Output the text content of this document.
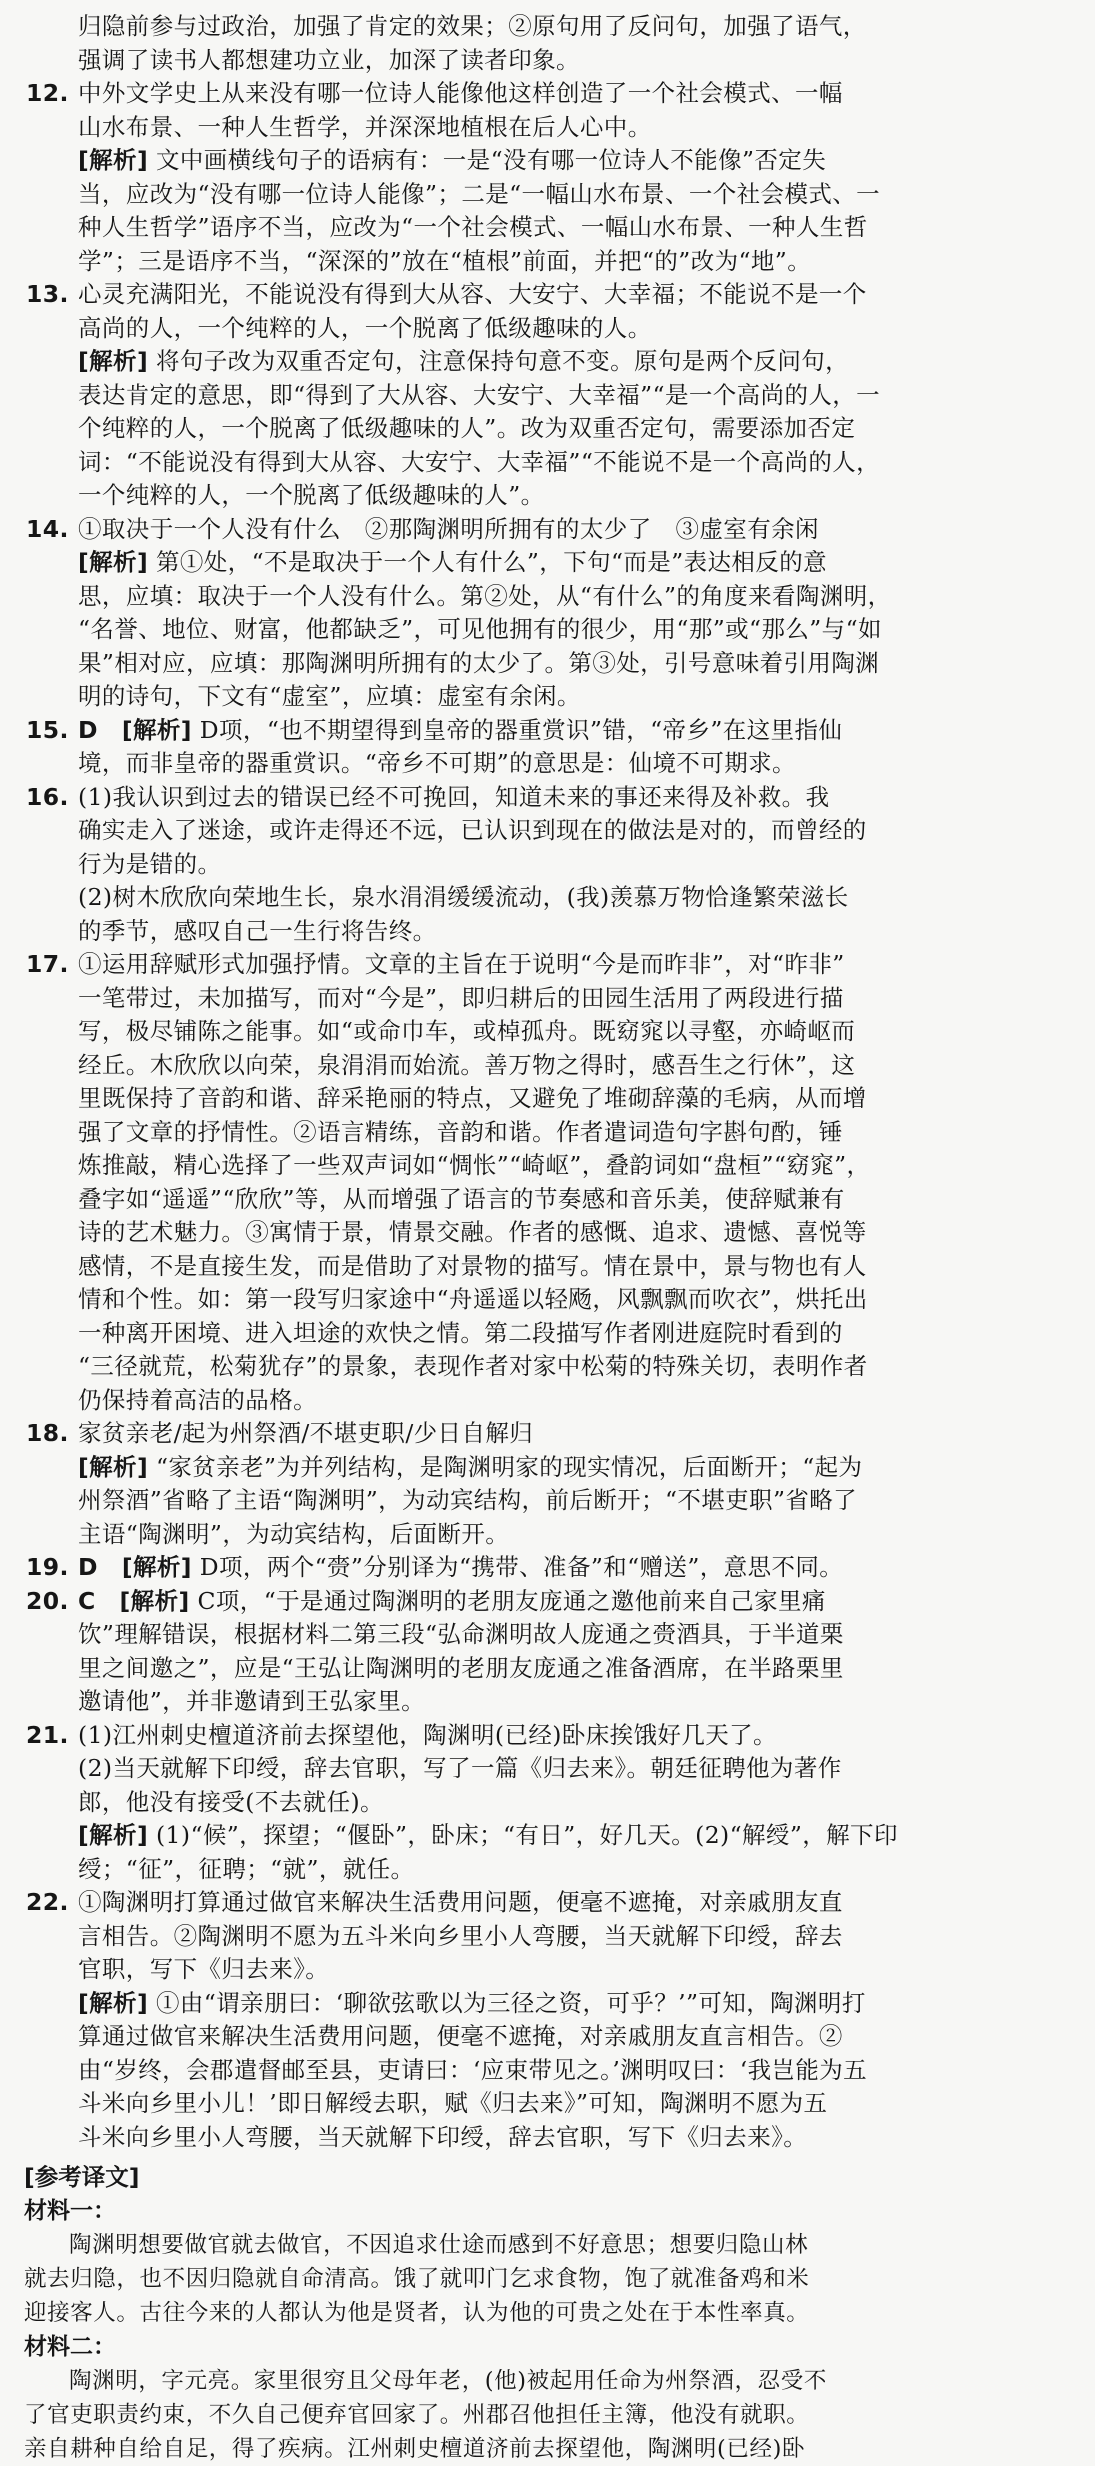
归隐前参与过政治，加强了肯定的效果；②原句用了反问句，加强了语气，
强调了读书人都想建功立业，加深了读者印象。
12. 中外文学史上从来没有哪一位诗人能像他这样创造了一个社会模式、一幅
山水布景、一种人生哲学，并深深地植根在后人心中。
[解析] 文中画横线句子的语病有：一是“没有哪一位诗人不能像”否定失
当，应改为“没有哪一位诗人能像”；二是“一幅山水布景、一个社会模式、一
种人生哲学”语序不当，应改为“一个社会模式、一幅山水布景、一种人生哲
学”；三是语序不当，“深深的”放在“植根”前面，并把“的”改为“地”。
13. 心灵充满阳光，不能说没有得到大从容、大安宁、大幸福；不能说不是一个
高尚的人，一个纯粹的人，一个脱离了低级趣味的人。
[解析] 将句子改为双重否定句，注意保持句意不变。原句是两个反问句，
表达肯定的意思，即“得到了大从容、大安宁、大幸福”“是一个高尚的人，一
个纯粹的人，一个脱离了低级趣味的人”。改为双重否定句，需要添加否定
词：“不能说没有得到大从容、大安宁、大幸福”“不能说不是一个高尚的人，
一个纯粹的人，一个脱离了低级趣味的人”。
14. ①取决于一个人没有什么　②那陶渊明所拥有的太少了　③虚室有余闲
[解析] 第①处，“不是取决于一个人有什么”，下句“而是”表达相反的意
思，应填：取决于一个人没有什么。第②处，从“有什么”的角度来看陶渊明，
“名誉、地位、财富，他都缺乏”，可见他拥有的很少，用“那”或“那么”与“如
果”相对应，应填：那陶渊明所拥有的太少了。第③处，引号意味着引用陶渊
明的诗句，下文有“虚室”，应填：虚室有余闲。
15. D　[解析] D项，“也不期望得到皇帝的器重赏识”错，“帝乡”在这里指仙
境，而非皇帝的器重赏识。“帝乡不可期”的意思是：仙境不可期求。
16. (1)我认识到过去的错误已经不可挽回，知道未来的事还来得及补救。我
确实走入了迷途，或许走得还不远，已认识到现在的做法是对的，而曾经的
行为是错的。
(2)树木欣欣向荣地生长，泉水涓涓缓缓流动，(我)羡慕万物恰逢繁荣滋长
的季节，感叹自己一生行将告终。
17. ①运用辞赋形式加强抒情。文章的主旨在于说明“今是而昨非”，对“昨非”
一笔带过，未加描写，而对“今是”，即归耕后的田园生活用了两段进行描
写，极尽铺陈之能事。如“或命巾车，或棹孤舟。既窈窕以寻壑，亦崎岖而
经丘。木欣欣以向荣，泉涓涓而始流。善万物之得时，感吾生之行休”，这
里既保持了音韵和谐、辞采艳丽的特点，又避免了堆砌辞藻的毛病，从而增
强了文章的抒情性。②语言精练，音韵和谐。作者遣词造句字斟句酌，锤
炼推敲，精心选择了一些双声词如“惆怅”“崎岖”，叠韵词如“盘桓”“窈窕”，
叠字如“遥遥”“欣欣”等，从而增强了语言的节奏感和音乐美，使辞赋兼有
诗的艺术魅力。③寓情于景，情景交融。作者的感慨、追求、遗憾、喜悦等
感情，不是直接生发，而是借助了对景物的描写。情在景中，景与物也有人
情和个性。如：第一段写归家途中“舟遥遥以轻飏，风飘飘而吹衣”，烘托出
一种离开困境、进入坦途的欢快之情。第二段描写作者刚进庭院时看到的
“三径就荒，松菊犹存”的景象，表现作者对家中松菊的特殊关切，表明作者
仍保持着高洁的品格。
18. 家贫亲老/起为州祭酒/不堪吏职/少日自解归
[解析] “家贫亲老”为并列结构，是陶渊明家的现实情况，后面断开；“起为
州祭酒”省略了主语“陶渊明”，为动宾结构，前后断开；“不堪吏职”省略了
主语“陶渊明”，为动宾结构，后面断开。
19. D　[解析] D项，两个“赍”分别译为“携带、准备”和“赠送”，意思不同。
20. C　[解析] C项，“于是通过陶渊明的老朋友庞通之邀他前来自己家里痛
饮”理解错误，根据材料二第三段“弘命渊明故人庞通之赍酒具，于半道栗
里之间邀之”，应是“王弘让陶渊明的老朋友庞通之准备酒席，在半路栗里
邀请他”，并非邀请到王弘家里。
21. (1)江州刺史檀道济前去探望他，陶渊明(已经)卧床挨饿好几天了。
(2)当天就解下印绶，辞去官职，写了一篇《归去来》。朝廷征聘他为著作
郎，他没有接受(不去就任)。
[解析] (1)“候”，探望；“偃卧”，卧床；“有日”，好几天。(2)“解绶”，解下印
绶；“征”，征聘；“就”，就任。
22. ①陶渊明打算通过做官来解决生活费用问题，便毫不遮掩，对亲戚朋友直
言相告。②陶渊明不愿为五斗米向乡里小人弯腰，当天就解下印绶，辞去
官职，写下《归去来》。
[解析] ①由“谓亲朋曰：‘聊欲弦歌以为三径之资，可乎？’”可知，陶渊明打
算通过做官来解决生活费用问题，便毫不遮掩，对亲戚朋友直言相告。②
由“岁终，会郡遣督邮至县，吏请曰：‘应束带见之。’渊明叹曰：‘我岂能为五
斗米向乡里小儿！’即日解绶去职，赋《归去来》”可知，陶渊明不愿为五
斗米向乡里小人弯腰，当天就解下印绶，辞去官职，写下《归去来》。
[参考译文]
材料一：

陶渊明想要做官就去做官，不因追求仕途而感到不好意思；想要归隐山林

就去归隐，也不因归隐就自命清高。饿了就叩门乞求食物，饱了就准备鸡和米

迎接客人。古往今来的人都认为他是贤者，认为他的可贵之处在于本性率真。

材料二：

陶渊明，字元亮。家里很穷且父母年老，(他)被起用任命为州祭酒，忍受不

了官吏职责约束，不久自己便弃官回家了。州郡召他担任主簿，他没有就职。

亲自耕种自给自足，得了疾病。江州刺史檀道济前去探望他，陶渊明(已经)卧
